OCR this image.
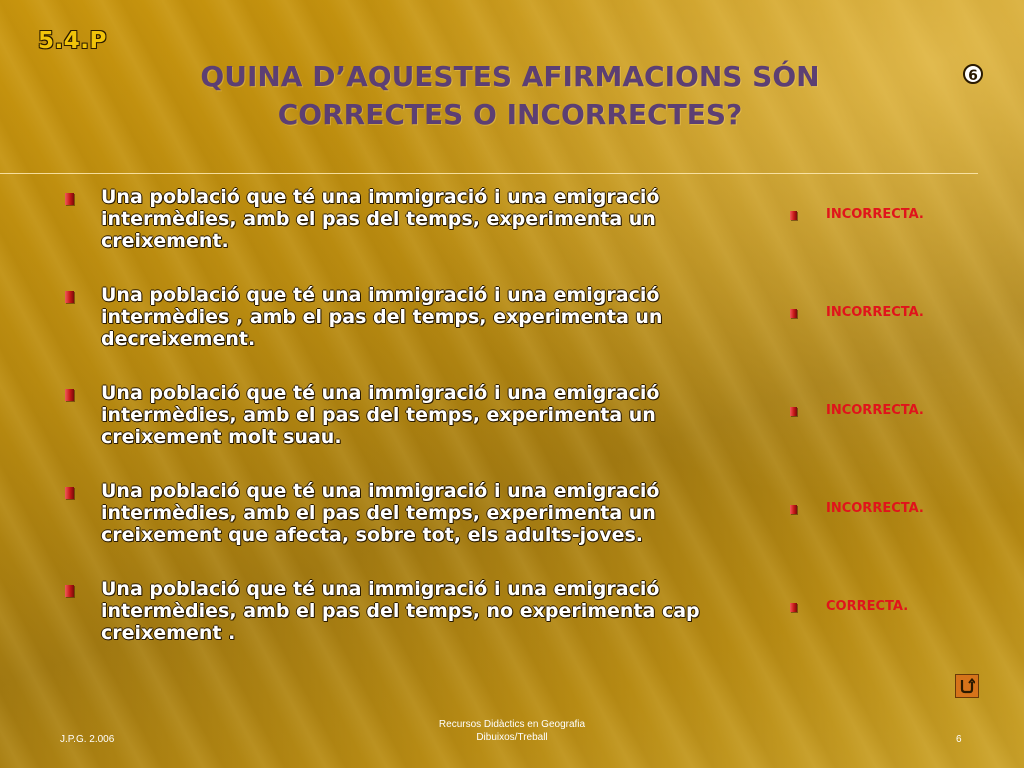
5.4.P
QUINA D’AQUESTES AFIRMACIONS SÓN CORRECTES O INCORRECTES?
6
Una població que té una immigració i una emigració intermèdies, amb el pas del temps, experimenta un creixement.
Una població que té una immigració i una emigració intermèdies , amb el pas del temps, experimenta un decreixement.
Una població que té una immigració i una emigració intermèdies, amb el pas del temps, experimenta un creixement molt suau.
Una població que té una immigració i una emigració intermèdies, amb el pas del temps, experimenta un creixement que afecta, sobre tot, els adults-joves.
Una població que té una immigració i una emigració intermèdies, amb el pas del temps, no experimenta cap creixement .
INCORRECTA.
INCORRECTA.
INCORRECTA.
INCORRECTA.
CORRECTA.
J.P.G. 2.006
Recursos Didàctics en Geografia
Dibuixos/Treball	6
